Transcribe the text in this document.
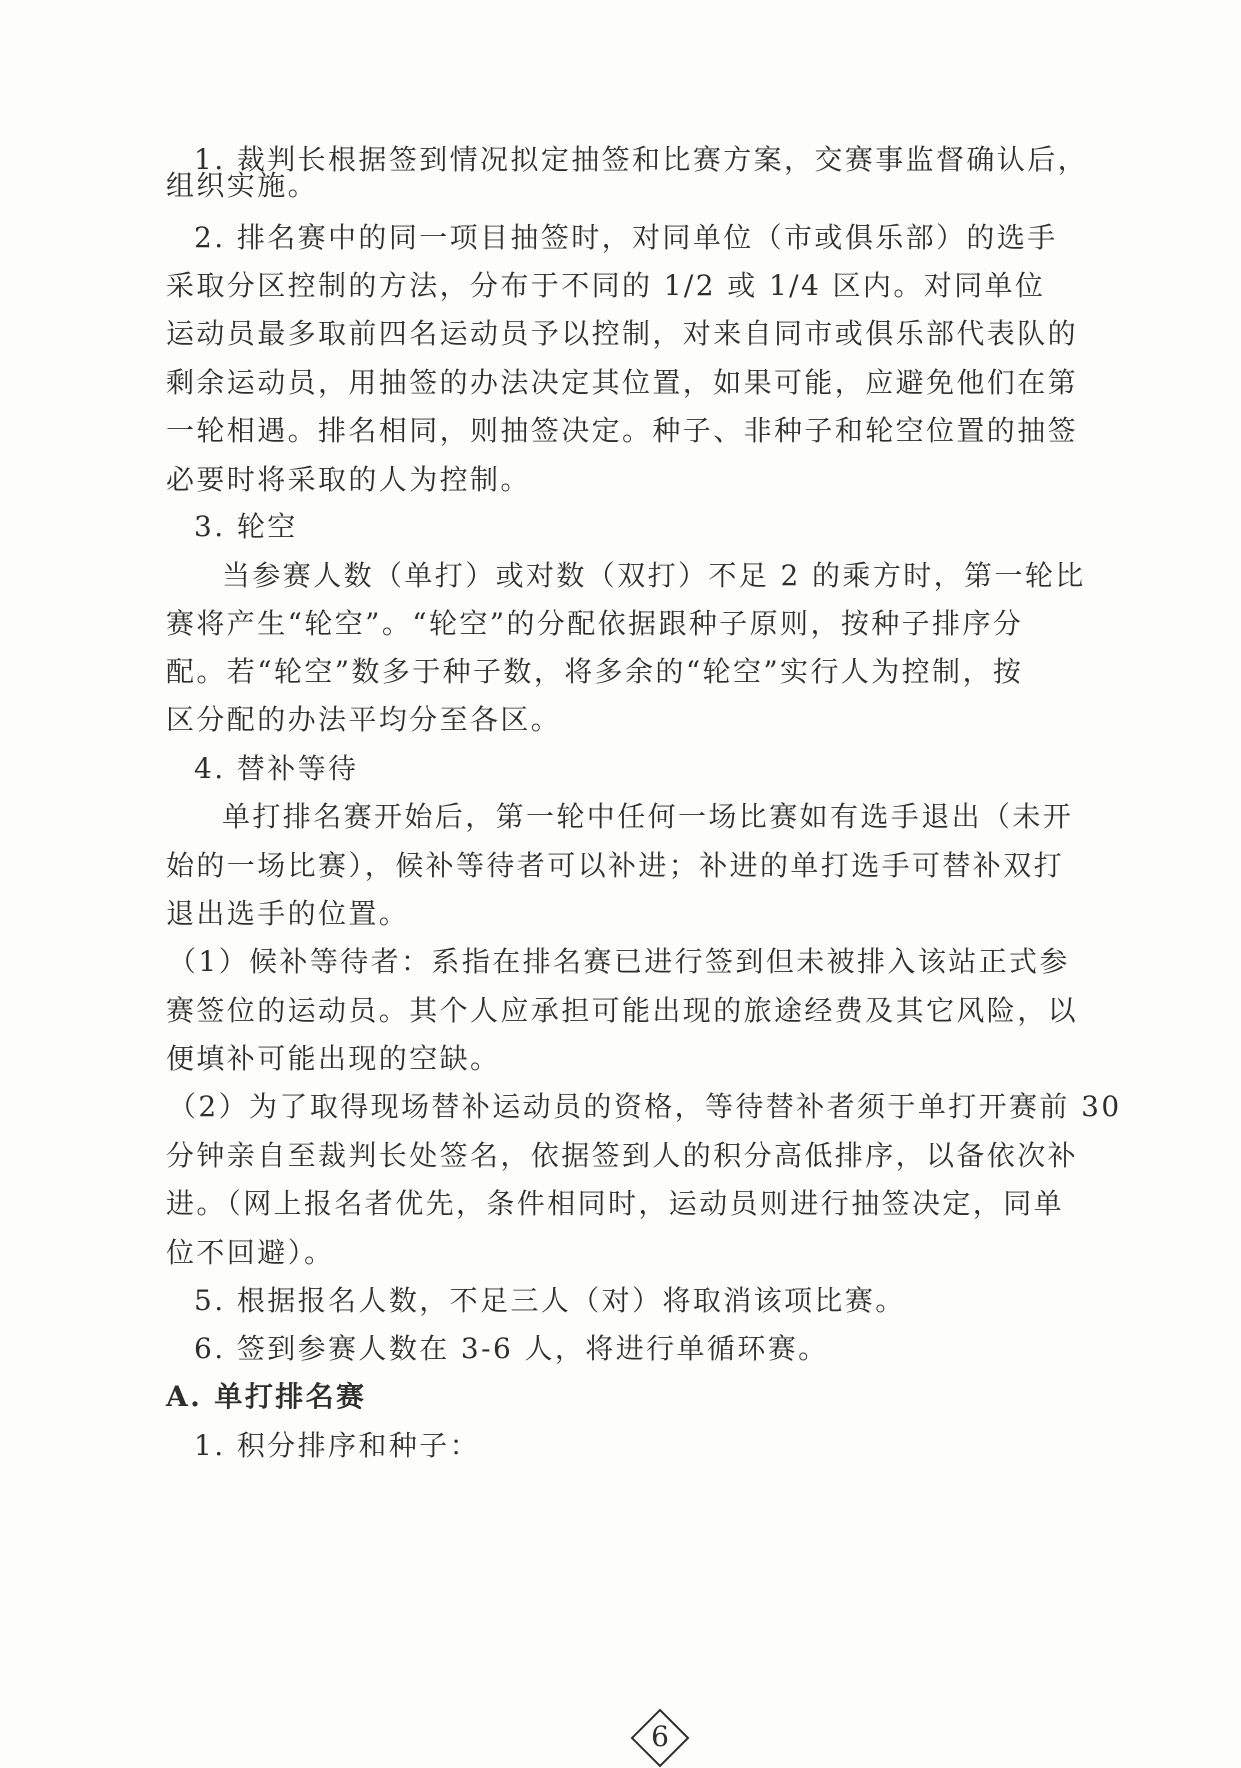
1. 裁判长根据签到情况拟定抽签和比赛方案，交赛事监督确认后，
组织实施。
2. 排名赛中的同一项目抽签时，对同单位（市或俱乐部）的选手
采取分区控制的方法，分布于不同的 1/2 或 1/4 区内。对同单位
运动员最多取前四名运动员予以控制，对来自同市或俱乐部代表队的
剩余运动员，用抽签的办法决定其位置，如果可能，应避免他们在第
一轮相遇。排名相同，则抽签决定。种子、非种子和轮空位置的抽签
必要时将采取的人为控制。
3. 轮空
当参赛人数（单打）或对数（双打）不足 2 的乘方时，第一轮比
赛将产生“轮空”。“轮空”的分配依据跟种子原则，按种子排序分
配。若“轮空”数多于种子数，将多余的“轮空”实行人为控制，按
区分配的办法平均分至各区。
4. 替补等待
单打排名赛开始后，第一轮中任何一场比赛如有选手退出（未开
始的一场比赛），候补等待者可以补进；补进的单打选手可替补双打
退出选手的位置。
（1）候补等待者：系指在排名赛已进行签到但未被排入该站正式参
赛签位的运动员。其个人应承担可能出现的旅途经费及其它风险，以
便填补可能出现的空缺。
（2）为了取得现场替补运动员的资格，等待替补者须于单打开赛前 30
分钟亲自至裁判长处签名，依据签到人的积分高低排序，以备依次补
进。（网上报名者优先，条件相同时，运动员则进行抽签决定，同单
位不回避）。
5. 根据报名人数，不足三人（对）将取消该项比赛。
6. 签到参赛人数在 3-6 人，将进行单循环赛。
A. 单打排名赛
1. 积分排序和种子：
6
